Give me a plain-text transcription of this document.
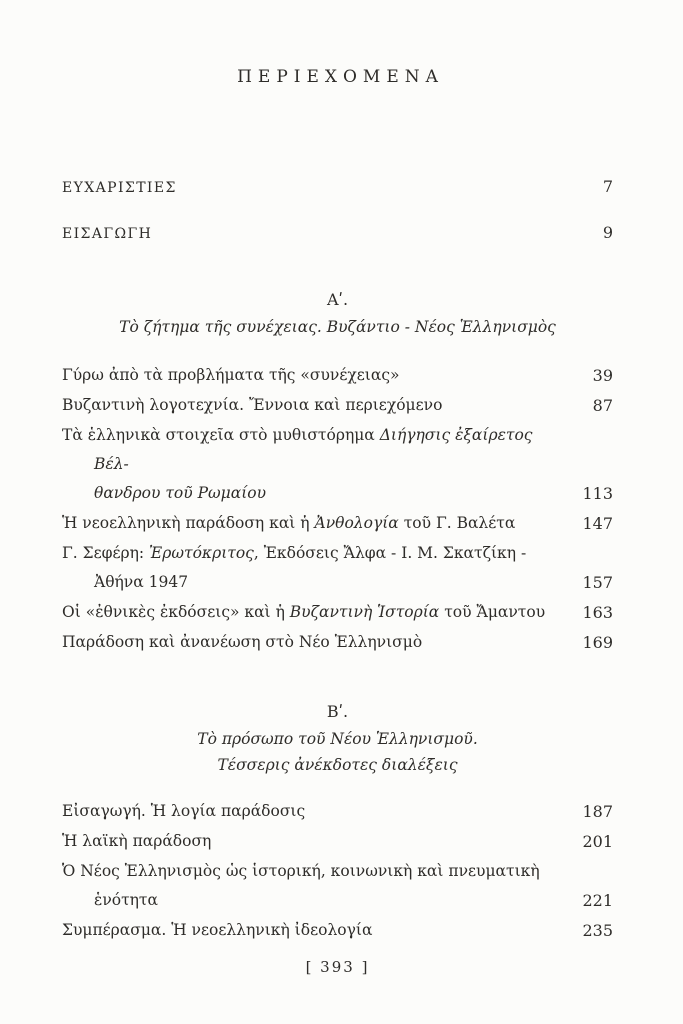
ΠΕΡΙΕΧΟΜΕΝΑ
ΕΥΧΑΡΙΣΤΙΕΣ	7
ΕΙΣΑΓΩΓΗ	9
Αʹ.
Τὸ ζήτημα τῆς συνέχειας. Βυζάντιο - Νέος Ἑλληνισμὸς
Γύρω ἀπὸ τὰ προβλήματα τῆς «συνέχειας»	39
Βυζαντινὴ λογοτεχνία. Ἔννοια καὶ περιεχόμενο	87
Τὰ ἑλληνικὰ στοιχεῖα στὸ μυθιστόρημα Διήγησις ἐξαίρετος Βέλ-
θανδρου τοῦ Ρωμαίου	113
Ἡ νεοελληνικὴ παράδοση καὶ ἡ Ἀνθολογία τοῦ Γ. Βαλέτα	147
Γ. Σεφέρη: Ἐρωτόκριτος, Ἐκδόσεις Ἄλφα - Ι. Μ. Σκατζίκη -
Ἀθήνα 1947	157
Οἱ «ἐθνικὲς ἐκδόσεις» καὶ ἡ Βυζαντινὴ Ἱστορία τοῦ Ἄμαντου	163
Παράδοση καὶ ἀνανέωση στὸ Νέο Ἑλληνισμὸ	169
Βʹ.
Τὸ πρόσωπο τοῦ Νέου Ἑλληνισμοῦ.
Τέσσερις ἀνέκδοτες διαλέξεις
Εἰσαγωγή. Ἡ λογία παράδοσις	187
Ἡ λαϊκὴ παράδοση	201
Ὁ Νέος Ἑλληνισμὸς ὡς ἱστορική, κοινωνικὴ καὶ πνευματικὴ
ἑνότητα	221
Συμπέρασμα. Ἡ νεοελληνικὴ ἰδεολογία	235
[ 393 ]
